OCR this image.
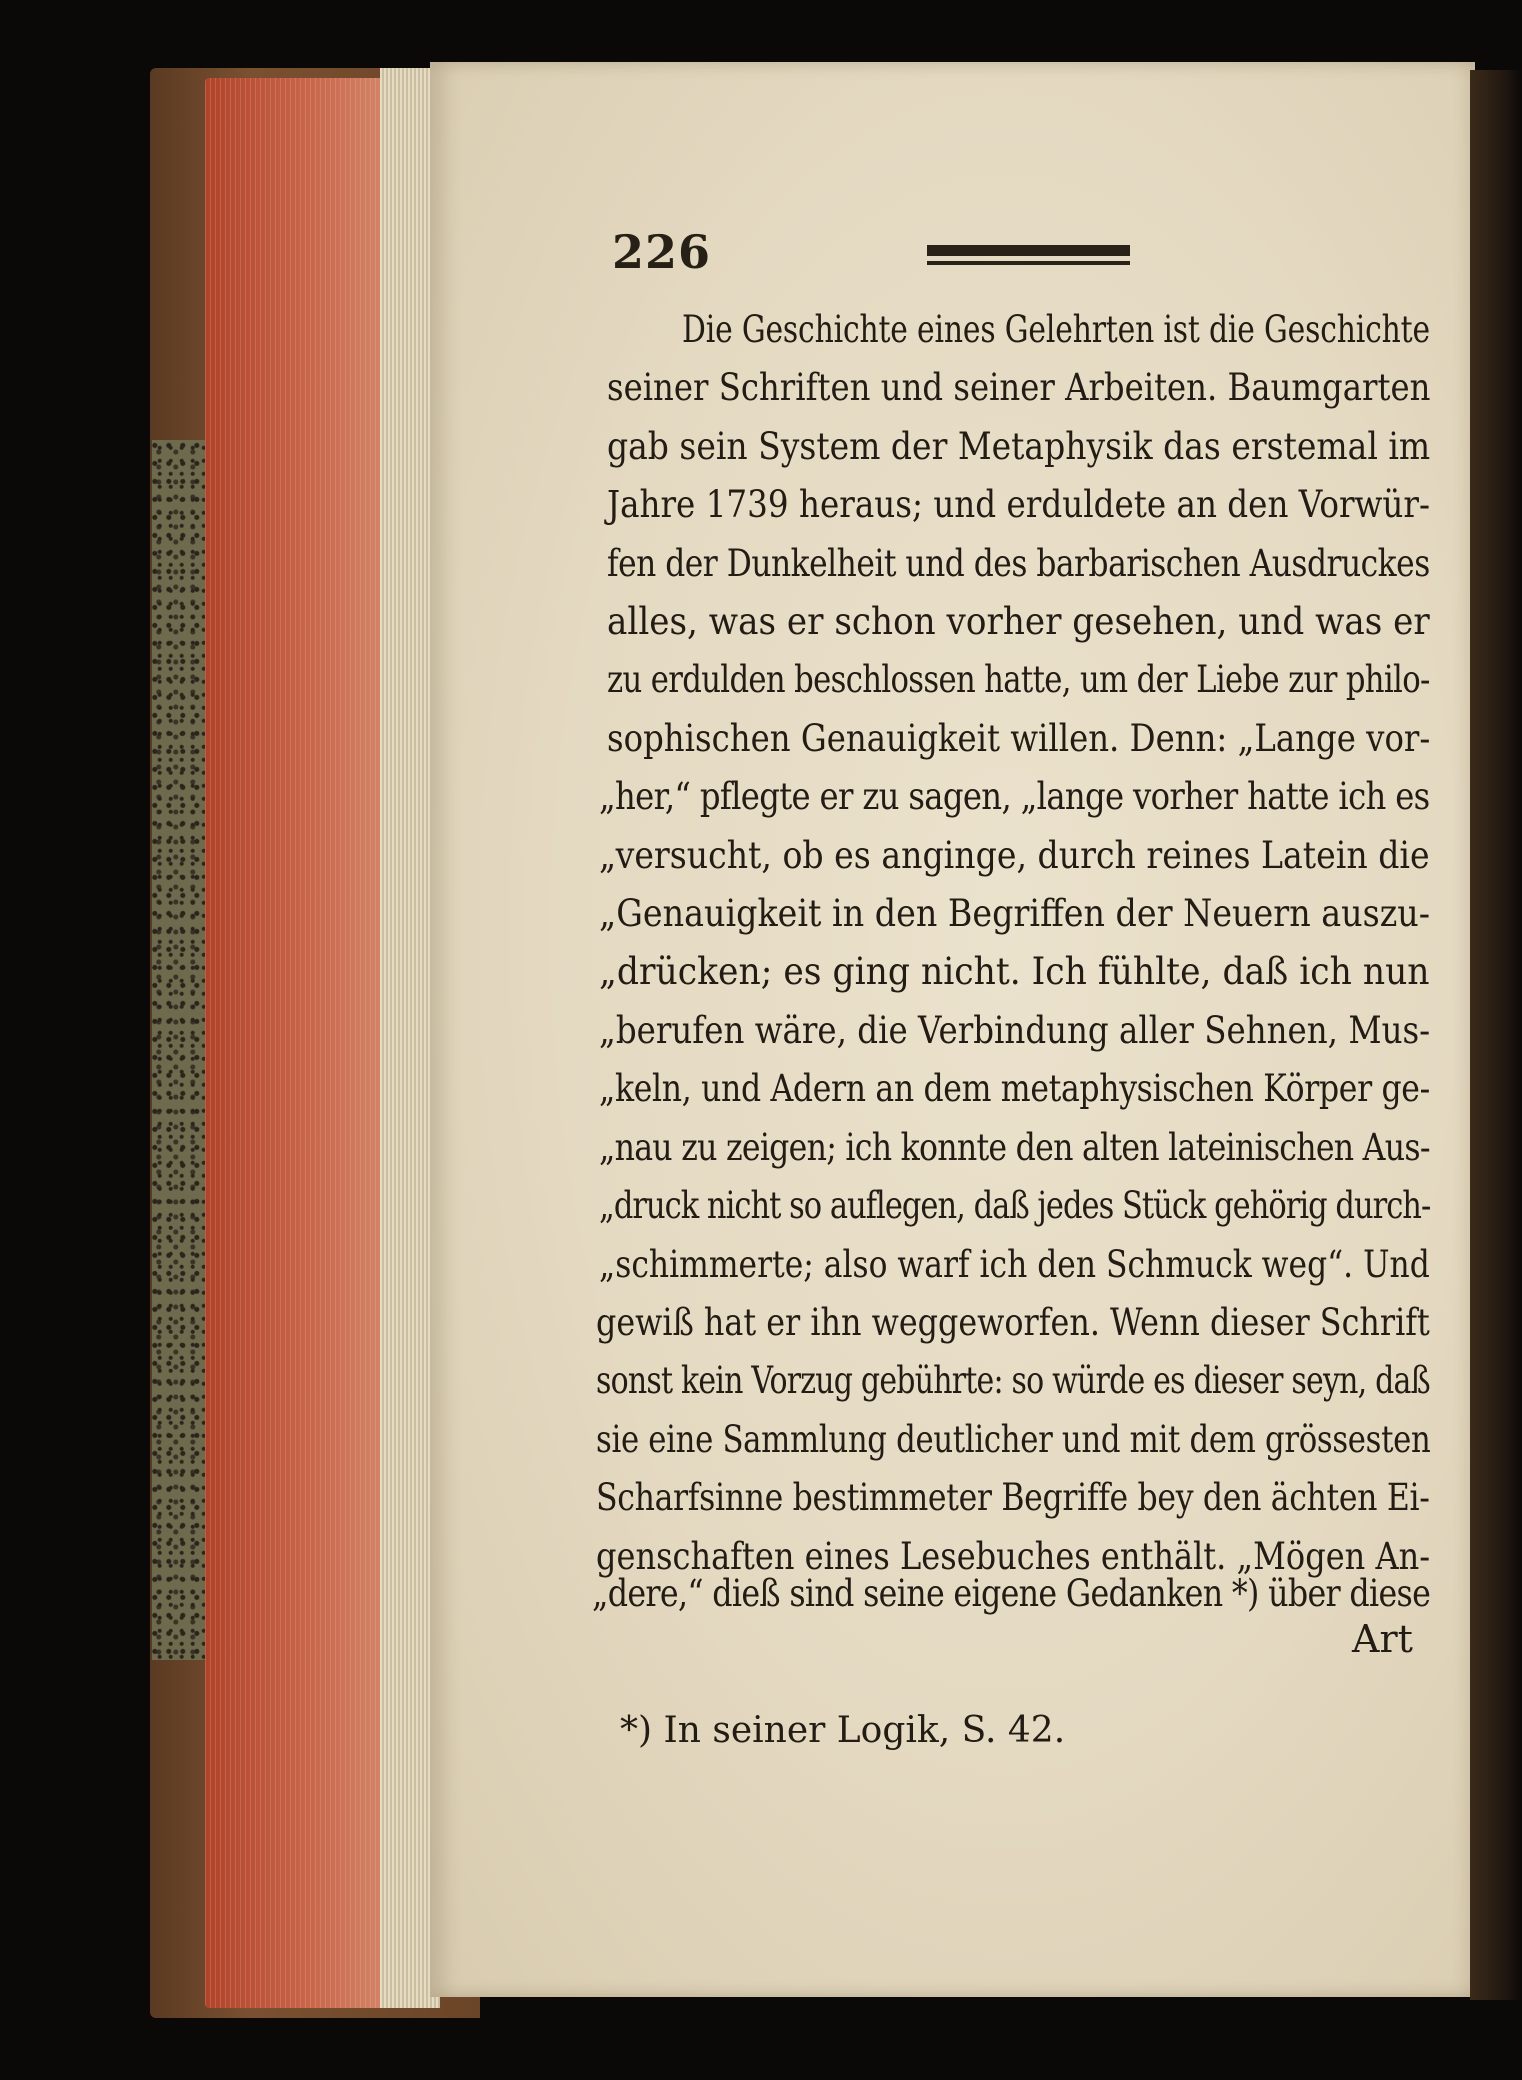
226
Die Geschichte eines Gelehrten ist die Geschichte
seiner Schriften und seiner Arbeiten. Baumgarten
gab sein System der Metaphysik das erstemal im
Jahre 1739 heraus; und erduldete an den Vorwür-
fen der Dunkelheit und des barbarischen Ausdruckes
alles, was er schon vorher gesehen, und was er
zu erdulden beschlossen hatte, um der Liebe zur philo-
sophischen Genauigkeit willen. Denn: „Lange vor-
„her,“ pflegte er zu sagen, „lange vorher hatte ich es
„versucht, ob es anginge, durch reines Latein die
„Genauigkeit in den Begriffen der Neuern auszu-
„drücken; es ging nicht. Ich fühlte, daß ich nun
„berufen wäre, die Verbindung aller Sehnen, Mus-
„keln, und Adern an dem metaphysischen Körper ge-
„nau zu zeigen; ich konnte den alten lateinischen Aus-
„druck nicht so auflegen, daß jedes Stück gehörig durch-
„schimmerte; also warf ich den Schmuck weg“. Und
gewiß hat er ihn weggeworfen. Wenn dieser Schrift
sonst kein Vorzug gebührte: so würde es dieser seyn, daß
sie eine Sammlung deutlicher und mit dem grössesten
Scharfsinne bestimmeter Begriffe bey den ächten Ei-
genschaften eines Lesebuches enthält. „Mögen An-
„dere,“ dieß sind seine eigene Gedanken *) über diese
Art
*) In seiner Logik, S. 42.
